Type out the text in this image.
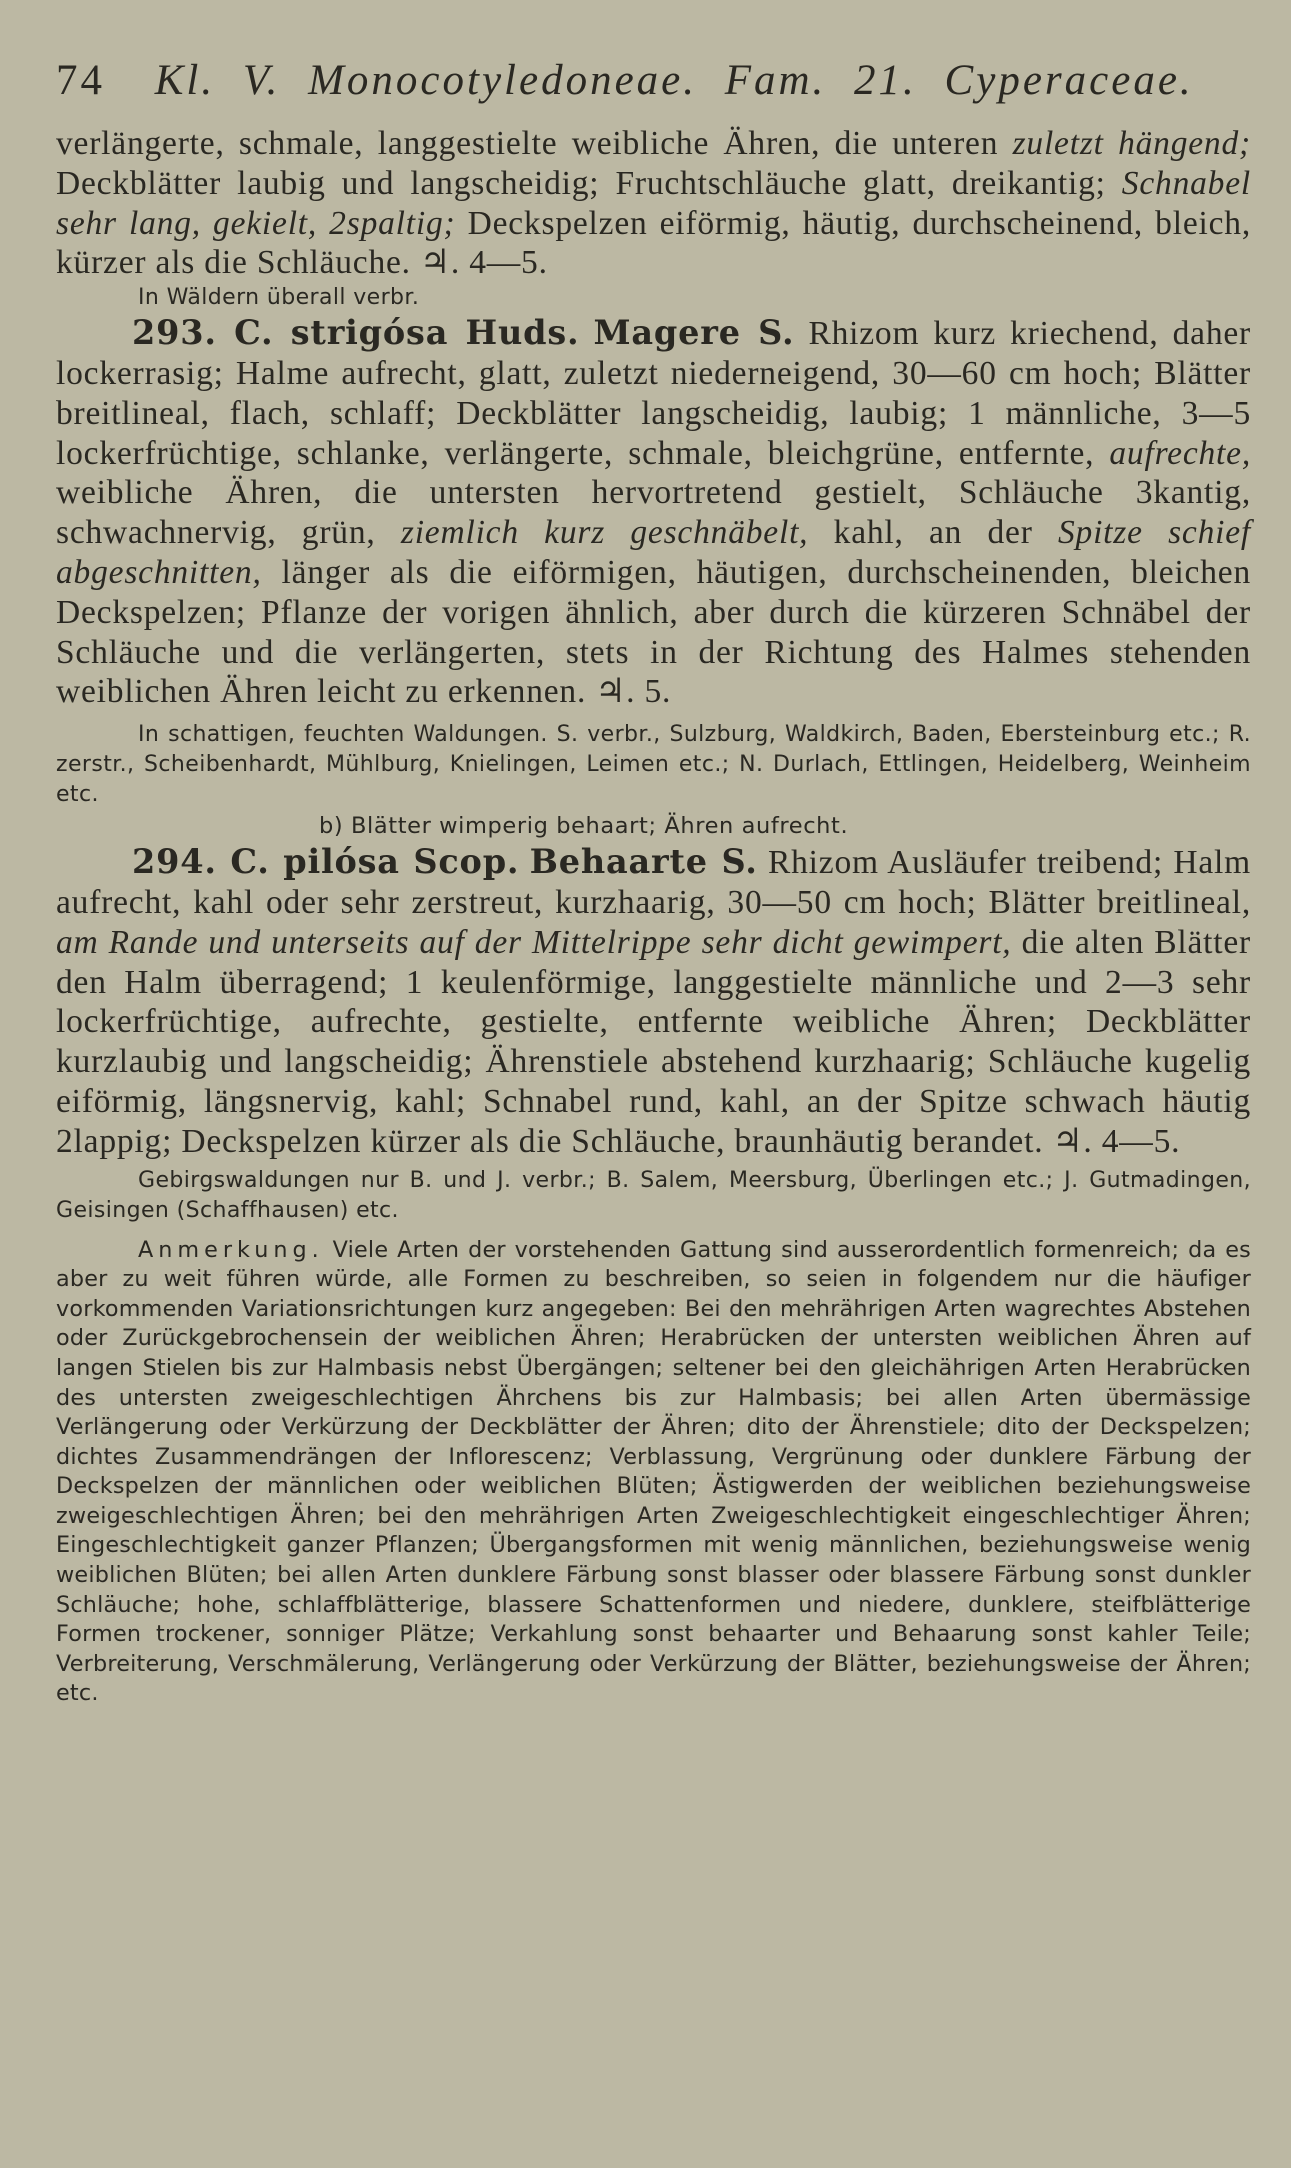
74 Kl. V. Monocotyledoneae. Fam. 21. Cyperaceae.
verlängerte, schmale, langgestielte weibliche Ähren, die unteren zuletzt hängend; Deckblätter laubig und langscheidig; Fruchtschläuche glatt, dreikantig; Schnabel sehr lang, gekielt, 2spaltig; Deckspelzen eiförmig, häutig, durchscheinend, bleich, kürzer als die Schläuche. ♃. 4—5.
In Wäldern überall verbr.
293. C. strigósa Huds. Magere S. Rhizom kurz kriechend, daher lockerrasig; Halme aufrecht, glatt, zuletzt niederneigend, 30—60 cm hoch; Blätter breitlineal, flach, schlaff; Deckblätter langscheidig, laubig; 1 männliche, 3—5 lockerfrüchtige, schlanke, verlängerte, schmale, bleichgrüne, entfernte, aufrechte, weibliche Ähren, die untersten hervortretend gestielt, Schläuche 3kantig, schwachnervig, grün, ziemlich kurz geschnäbelt, kahl, an der Spitze schief abgeschnitten, länger als die eiförmigen, häutigen, durchscheinenden, bleichen Deckspelzen; Pflanze der vorigen ähnlich, aber durch die kürzeren Schnäbel der Schläuche und die verlängerten, stets in der Richtung des Halmes stehenden weiblichen Ähren leicht zu erkennen. ♃. 5.
In schattigen, feuchten Waldungen. S. verbr., Sulzburg, Waldkirch, Baden, Ebersteinburg etc.; R. zerstr., Scheibenhardt, Mühlburg, Knielingen, Leimen etc.; N. Durlach, Ettlingen, Heidelberg, Weinheim etc.
b) Blätter wimperig behaart; Ähren aufrecht.
294. C. pilósa Scop. Behaarte S. Rhizom Ausläufer treibend; Halm aufrecht, kahl oder sehr zerstreut, kurzhaarig, 30—50 cm hoch; Blätter breitlineal, am Rande und unterseits auf der Mittelrippe sehr dicht gewimpert, die alten Blätter den Halm überragend; 1 keulenförmige, langgestielte männliche und 2—3 sehr lockerfrüchtige, aufrechte, gestielte, entfernte weibliche Ähren; Deckblätter kurzlaubig und langscheidig; Ährenstiele abstehend kurzhaarig; Schläuche kugelig eiförmig, längsnervig, kahl; Schnabel rund, kahl, an der Spitze schwach häutig 2lappig; Deckspelzen kürzer als die Schläuche, braunhäutig berandet. ♃. 4—5.
Gebirgswaldungen nur B. und J. verbr.; B. Salem, Meersburg, Überlingen etc.; J. Gutmadingen, Geisingen (Schaffhausen) etc.
Anmerkung. Viele Arten der vorstehenden Gattung sind ausserordentlich formenreich; da es aber zu weit führen würde, alle Formen zu beschreiben, so seien in folgendem nur die häufiger vorkommenden Variationsrichtungen kurz angegeben: Bei den mehrährigen Arten wagrechtes Abstehen oder Zurückgebrochensein der weiblichen Ähren; Herabrücken der untersten weiblichen Ähren auf langen Stielen bis zur Halmbasis nebst Übergängen; seltener bei den gleichährigen Arten Herabrücken des untersten zweigeschlechtigen Ährchens bis zur Halmbasis; bei allen Arten übermässige Verlängerung oder Verkürzung der Deckblätter der Ähren; dito der Ährenstiele; dito der Deckspelzen; dichtes Zusammendrängen der Inflorescenz; Verblassung, Vergrünung oder dunklere Färbung der Deckspelzen der männlichen oder weiblichen Blüten; Ästigwerden der weiblichen beziehungsweise zweigeschlechtigen Ähren; bei den mehrährigen Arten Zweigeschlechtigkeit eingeschlechtiger Ähren; Eingeschlechtigkeit ganzer Pflanzen; Übergangsformen mit wenig männlichen, beziehungsweise wenig weiblichen Blüten; bei allen Arten dunklere Färbung sonst blasser oder blassere Färbung sonst dunkler Schläuche; hohe, schlaffblätterige, blassere Schattenformen und niedere, dunklere, steifblätterige Formen trockener, sonniger Plätze; Verkahlung sonst behaarter und Behaarung sonst kahler Teile; Verbreiterung, Verschmälerung, Verlängerung oder Verkürzung der Blätter, beziehungsweise der Ähren; etc.
